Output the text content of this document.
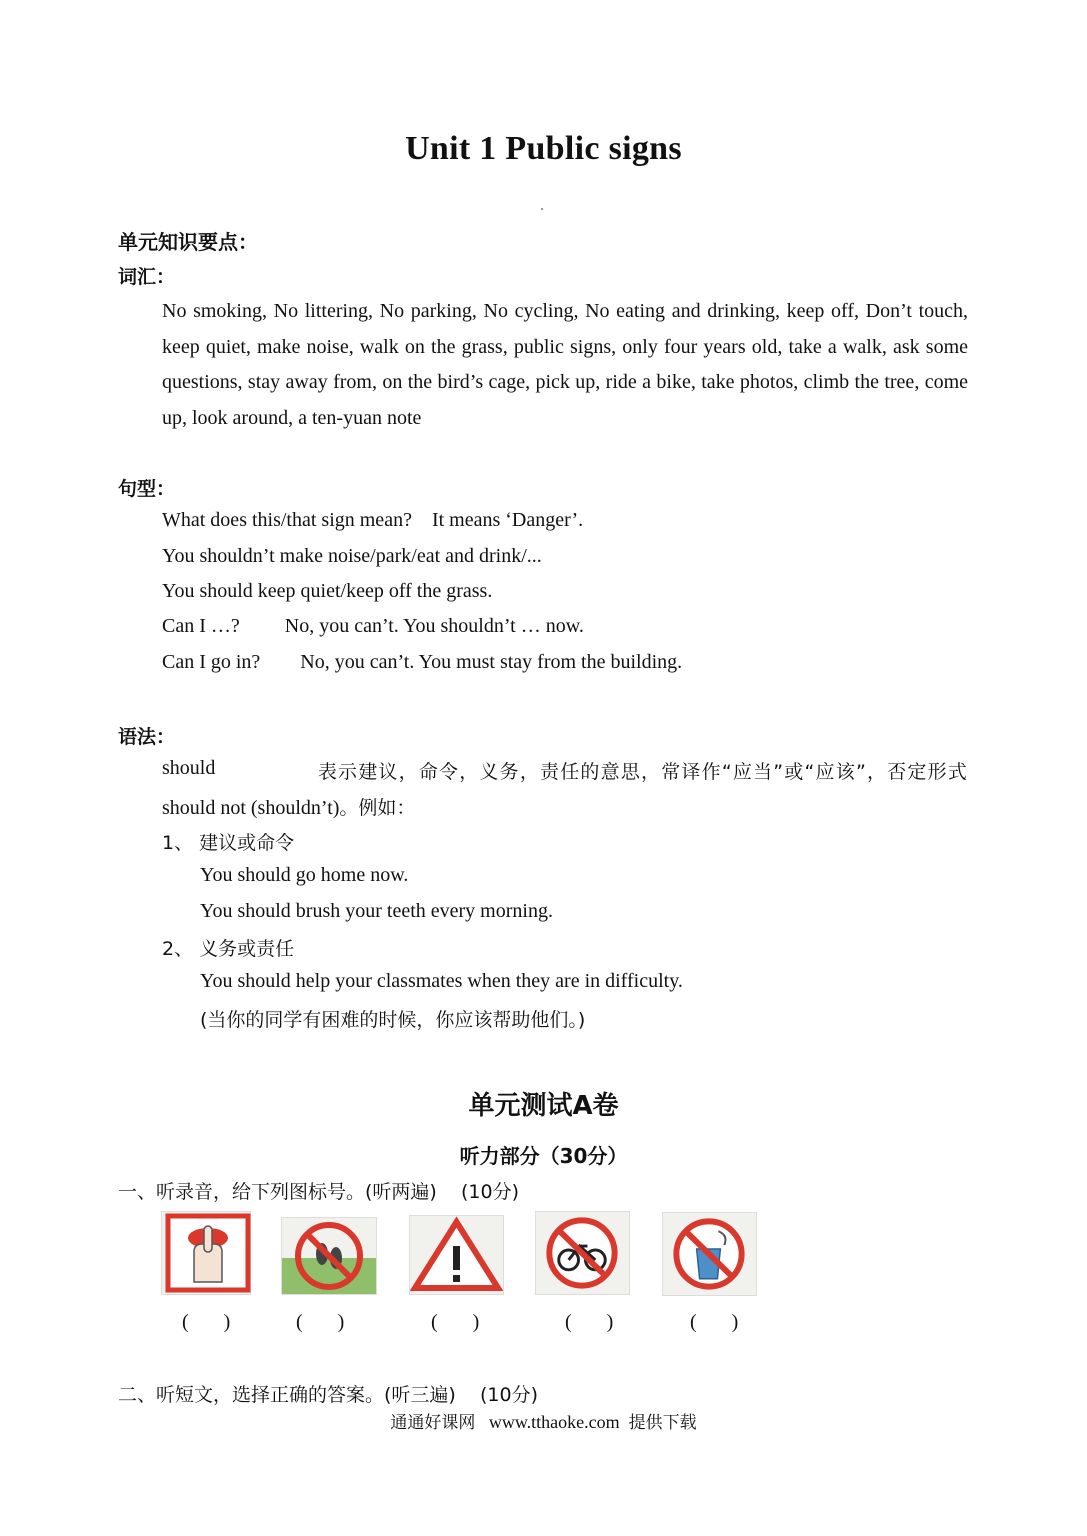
Unit 1 Public signs
单元知识要点：
词汇：
No smoking, No littering, No parking, No cycling, No eating and drinking, keep off, Don’t touch, keep quiet, make noise, walk on the grass, public signs, only four years old, take a walk, ask some questions, stay away from, on the bird’s cage, pick up, ride a bike, take photos, climb the tree, come up, look around, a ten-yuan note
句型：
What does this/that sign mean?    It means ‘Danger’.
You shouldn’t make noise/park/eat and drink/...
You should keep quiet/keep off the grass.
Can I …?         No, you can’t. You shouldn’t … now.
Can I go in?        No, you can’t. You must stay from the building.
语法：
should	表示建议，命令，义务，责任的意思，常译作“应当”或“应该”，否定形式
should not (shouldn’t)。例如：
1、 建议或命令
You should go home now.
You should brush your teeth every morning.
2、 义务或责任
You should help your classmates when they are in difficulty.
(当你的同学有困难的时候，你应该帮助他们。)
单元测试A卷
听力部分（30分）
一、听录音，给下列图标号。(听两遍)    (10分)
(       )	(       )	(       )	(       )	(       )
二、听短文，选择正确的答案。(听三遍)    (10分)
通通好课网 www.tthaoke.com 提供下载
